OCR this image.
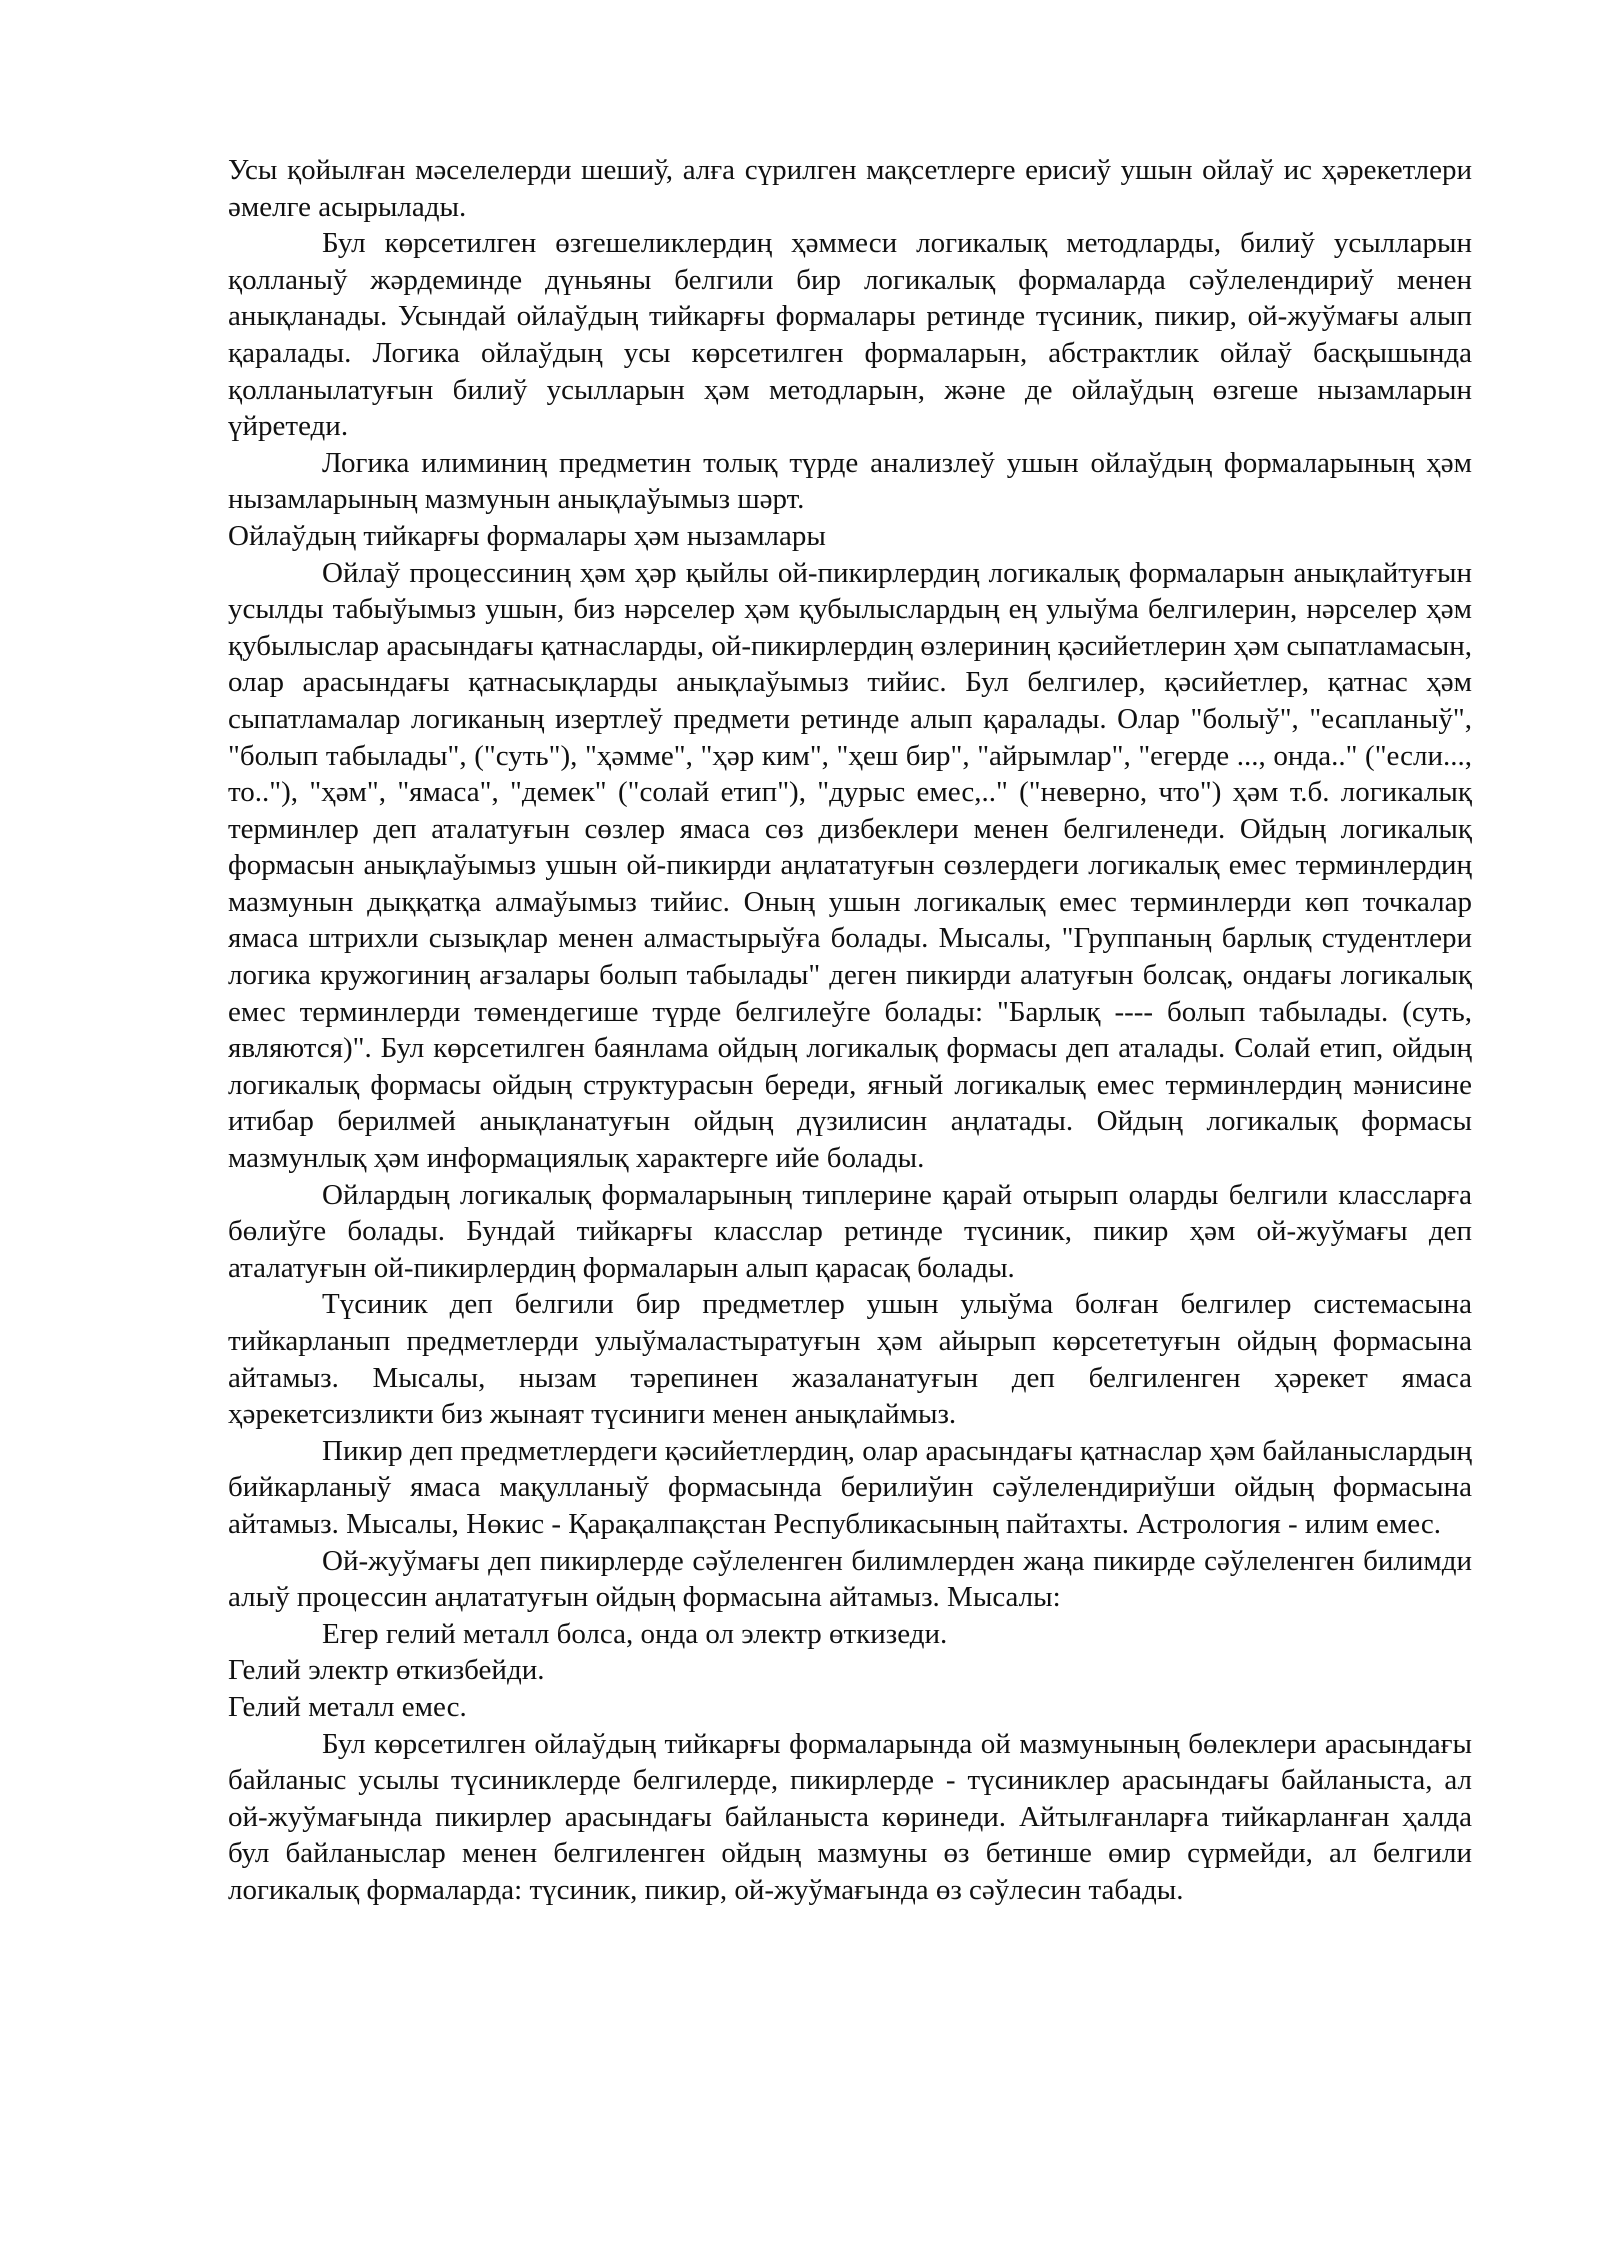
Усы қойылған мәселелерди шешиў, алға сүрилген мақсетлерге ерисиў ушын ойлаў ис ҳәрекетлери әмелге асырылады.

Бул көрсетилген өзгешеликлердиң ҳәммеси логикалық методларды, билиў усылларын қолланыў жәрдеминде дүньяны белгили бир логикалық формаларда сәўлелендириў менен анықланады. Усындай ойлаўдың тийкарғы формалары ретинде түсиник, пикир, ой-жуўмағы алып қаралады. Логика ойлаўдың усы көрсетилген формаларын, абстрактлик ойлаў басқышында қолланылатуғын билиў усылларын ҳәм методларын, және де ойлаўдың өзгеше нызамларын үйретеди.

Логика илиминиң предметин толық түрде анализлеў ушын ойлаўдың формаларының ҳәм нызамларының мазмунын анықлаўымыз шәрт.

Ойлаўдың тийкарғы формалары ҳәм нызамлары

Ойлаў процессиниң ҳәм ҳәр қыйлы ой-пикирлердиң логикалық формаларын анықлайтуғын усылды табыўымыз ушын, биз нәрселер ҳәм қубылыслардың ең улыўма белгилерин, нәрселер ҳәм қубылыслар арасындағы қатнасларды, ой-пикирлердиң өзлериниң қәсийетлерин ҳәм сыпатламасын, олар арасындағы қатнасықларды анықлаўымыз тийис. Бул белгилер, қәсийетлер, қатнас ҳәм сыпатламалар логиканың изертлеў предмети ретинде алып қаралады. Олар "болыў", "есапланыў", "болып табылады", ("суть"), "ҳәмме", "ҳәр ким", "ҳеш бир", "айрымлар", "егерде ..., онда.." ("если..., то.."), "ҳәм", "ямаса", "демек" ("солай етип"), "дурыс емес,.." ("неверно, что") ҳәм т.б. логикалық терминлер деп аталатуғын сөзлер ямаса сөз дизбеклери менен белгиленеди. Ойдың логикалық формасын анықлаўымыз ушын ой-пикирди аңлататуғын сөзлердеги логикалық емес терминлердиң мазмунын дыққатқа алмаўымыз тийис. Оның ушын логикалық емес терминлерди көп точкалар ямаса штрихли сызықлар менен алмастырыўға болады. Мысалы, "Группаның барлық студентлери логика кружогиниң ағзалары болып табылады" деген пикирди алатуғын болсақ, ондағы логикалық емес терминлерди төмендегише түрде белгилеўге болады: "Барлық ---- болып табылады. (суть, являются)". Бул көрсетилген баянлама ойдың логикалық формасы деп аталады. Солай етип, ойдың логикалық формасы ойдың структурасын береди, яғный логикалық емес терминлердиң мәнисине итибар берилмей анықланатуғын ойдың дүзилисин аңлатады. Ойдың логикалық формасы мазмунлық ҳәм информациялық характерге ийе болады.

Ойлардың логикалық формаларының типлерине қарай отырып оларды белгили классларға бөлиўге болады. Бундай тийкарғы класслар ретинде түсиник, пикир ҳәм ой-жуўмағы деп аталатуғын ой-пикирлердиң формаларын алып қарасақ болады.

Түсиник деп белгили бир предметлер ушын улыўма болған белгилер системасына тийкарланып предметлерди улыўмаластыратуғын ҳәм айырып көрсететуғын ойдың формасына айтамыз. Мысалы, нызам тәрепинен жазаланатуғын деп белгиленген ҳәрекет ямаса ҳәрекетсизликти биз жынаят түсиниги менен анықлаймыз.

Пикир деп предметлердеги қәсийетлердиң, олар арасындағы қатнаслар ҳәм байланыслардың бийкарланыў ямаса мақулланыў формасында берилиўин сәўлелендириўши ойдың формасына айтамыз. Мысалы, Нөкис - Қарақалпақстан Республикасының пайтахты. Астрология - илим емес.

Ой-жуўмағы деп пикирлерде сәўлеленген билимлерден жаңа пикирде сәўлеленген билимди алыў процессин аңлататуғын ойдың формасына айтамыз. Мысалы:

Егер гелий металл болса, онда ол электр өткизеди.

Гелий электр өткизбейди.

Гелий металл емес.

Бул көрсетилген ойлаўдың тийкарғы формаларында ой мазмунының бөлеклери арасындағы байланыс усылы түсиниклерде белгилерде, пикирлерде - түсиниклер арасындағы байланыста, ал ой-жуўмағында пикирлер арасындағы байланыста көринеди. Айтылғанларға тийкарланған ҳалда бул байланыслар менен белгиленген ойдың мазмуны өз бетинше өмир сүрмейди, ал белгили логикалық формаларда: түсиник, пикир, ой-жуўмағында өз сәўлесин табады.
